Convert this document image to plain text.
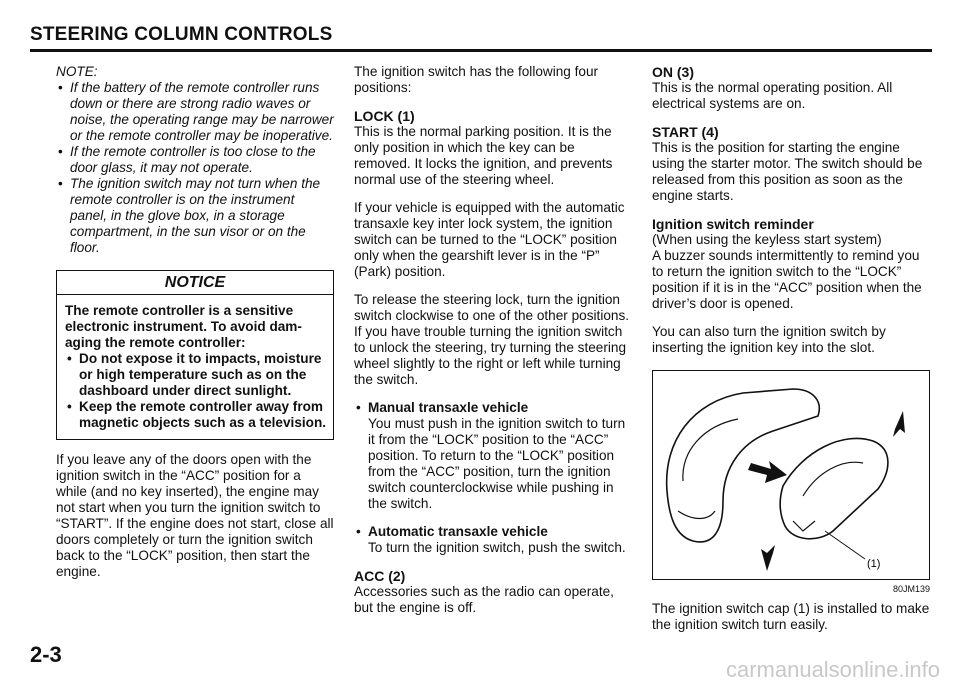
STEERING COLUMN CONTROLS
NOTE:
• If the battery of the remote controller runs down or there are strong radio waves or noise, the operating range may be narrower or the remote controller may be inoperative.
• If the remote controller is too close to the door glass, it may not operate.
• The ignition switch may not turn when the remote controller is on the instrument panel, in the glove box, in a storage compartment, in the sun visor or on the floor.
NOTICE
The remote controller is a sensitive electronic instrument. To avoid damaging the remote controller:
• Do not expose it to impacts, moisture or high temperature such as on the dashboard under direct sunlight.
• Keep the remote controller away from magnetic objects such as a television.

If you leave any of the doors open with the ignition switch in the “ACC” position for a while (and no key inserted), the engine may not start when you turn the ignition switch to “START”. If the engine does not start, close all doors completely or turn the ignition switch back to the “LOCK” position, then start the engine.

The ignition switch has the following four positions:

LOCK (1)

This is the normal parking position. It is the only position in which the key can be removed. It locks the ignition, and prevents normal use of the steering wheel.

If your vehicle is equipped with the automatic transaxle key inter lock system, the ignition switch can be turned to the “LOCK” position only when the gearshift lever is in the “P” (Park) position.

To release the steering lock, turn the ignition switch clockwise to one of the other positions. If you have trouble turning the ignition switch to unlock the steering, try turning the steering wheel slightly to the right or left while turning the switch.

• Manual transaxle vehicle
You must push in the ignition switch to turn it from the “LOCK” position to the “ACC” position. To return to the “LOCK” position from the “ACC” position, turn the ignition switch counterclockwise while pushing in the switch.
• Automatic transaxle vehicle
To turn the ignition switch, push the switch.
ACC (2)

Accessories such as the radio can operate, but the engine is off.

ON (3)

This is the normal operating position. All electrical systems are on.

START (4)

This is the position for starting the engine using the starter motor. The switch should be released from this position as soon as the engine starts.

Ignition switch reminder

(When using the keyless start system)

A buzzer sounds intermittently to remind you to return the ignition switch to the “LOCK” position if it is in the “ACC” position when the driver’s door is opened.

You can also turn the ignition switch by inserting the ignition key into the slot.

(1)
80JM139

The ignition switch cap (1) is installed to make the ignition switch turn easily.

2-3
carmanualsonline.info
